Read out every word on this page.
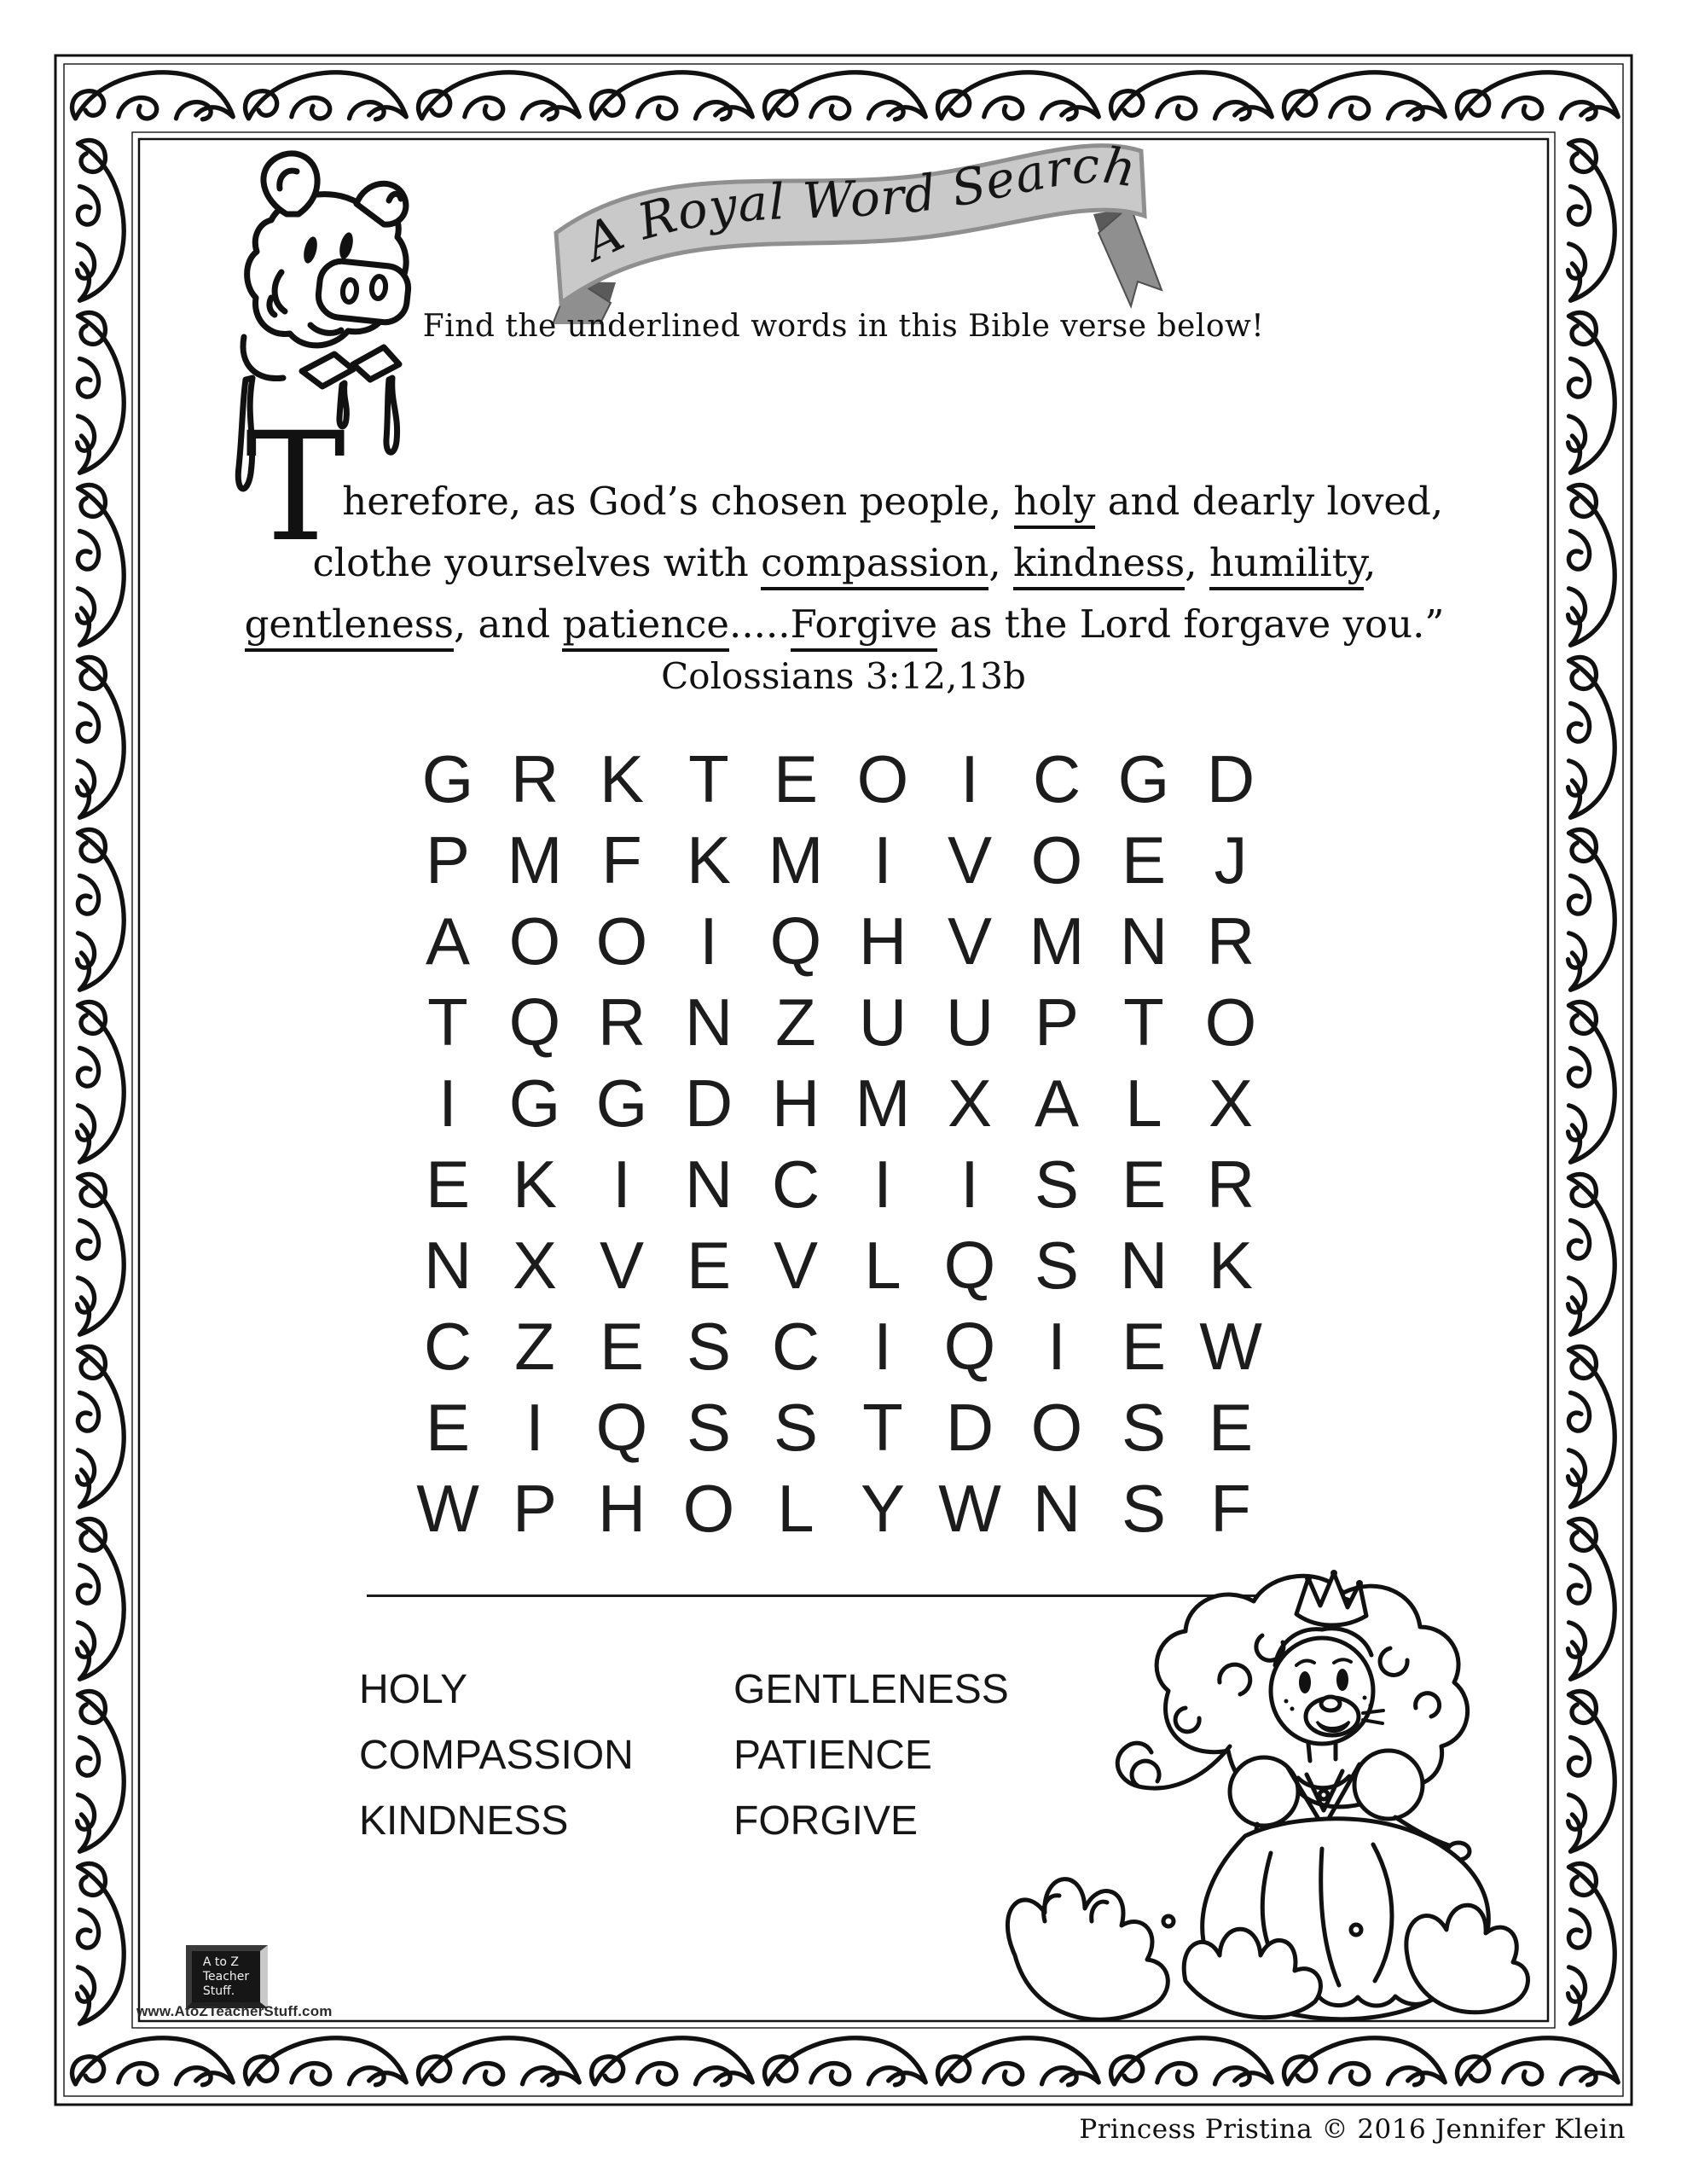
A Royal Word Search
Find the underlined words in this Bible verse below!
Therefore, as God’s chosen people, holy and dearly loved,
clothe yourselves with compassion, kindness, humility,
gentleness, and patience.....Forgive as the Lord forgave you.”
Colossians 3:12,13b
G R K T E O I C G D
P M F K M I V O E J
A O O I Q H V M N R
T Q R N Z U U P T O
I G G D H M X A L X
E K I N C I I S E R
N X V E V L Q S N K
C Z E S C I Q I E W
E I Q S S T D O S E
W P H O L Y W N S F
HOLY
COMPASSION
KINDNESS
GENTLENESS
PATIENCE
FORGIVE
A to Z
Teacher
Stuff.
www.AtoZTeacherStuff.com
Princess Pristina © 2016 Jennifer Klein
